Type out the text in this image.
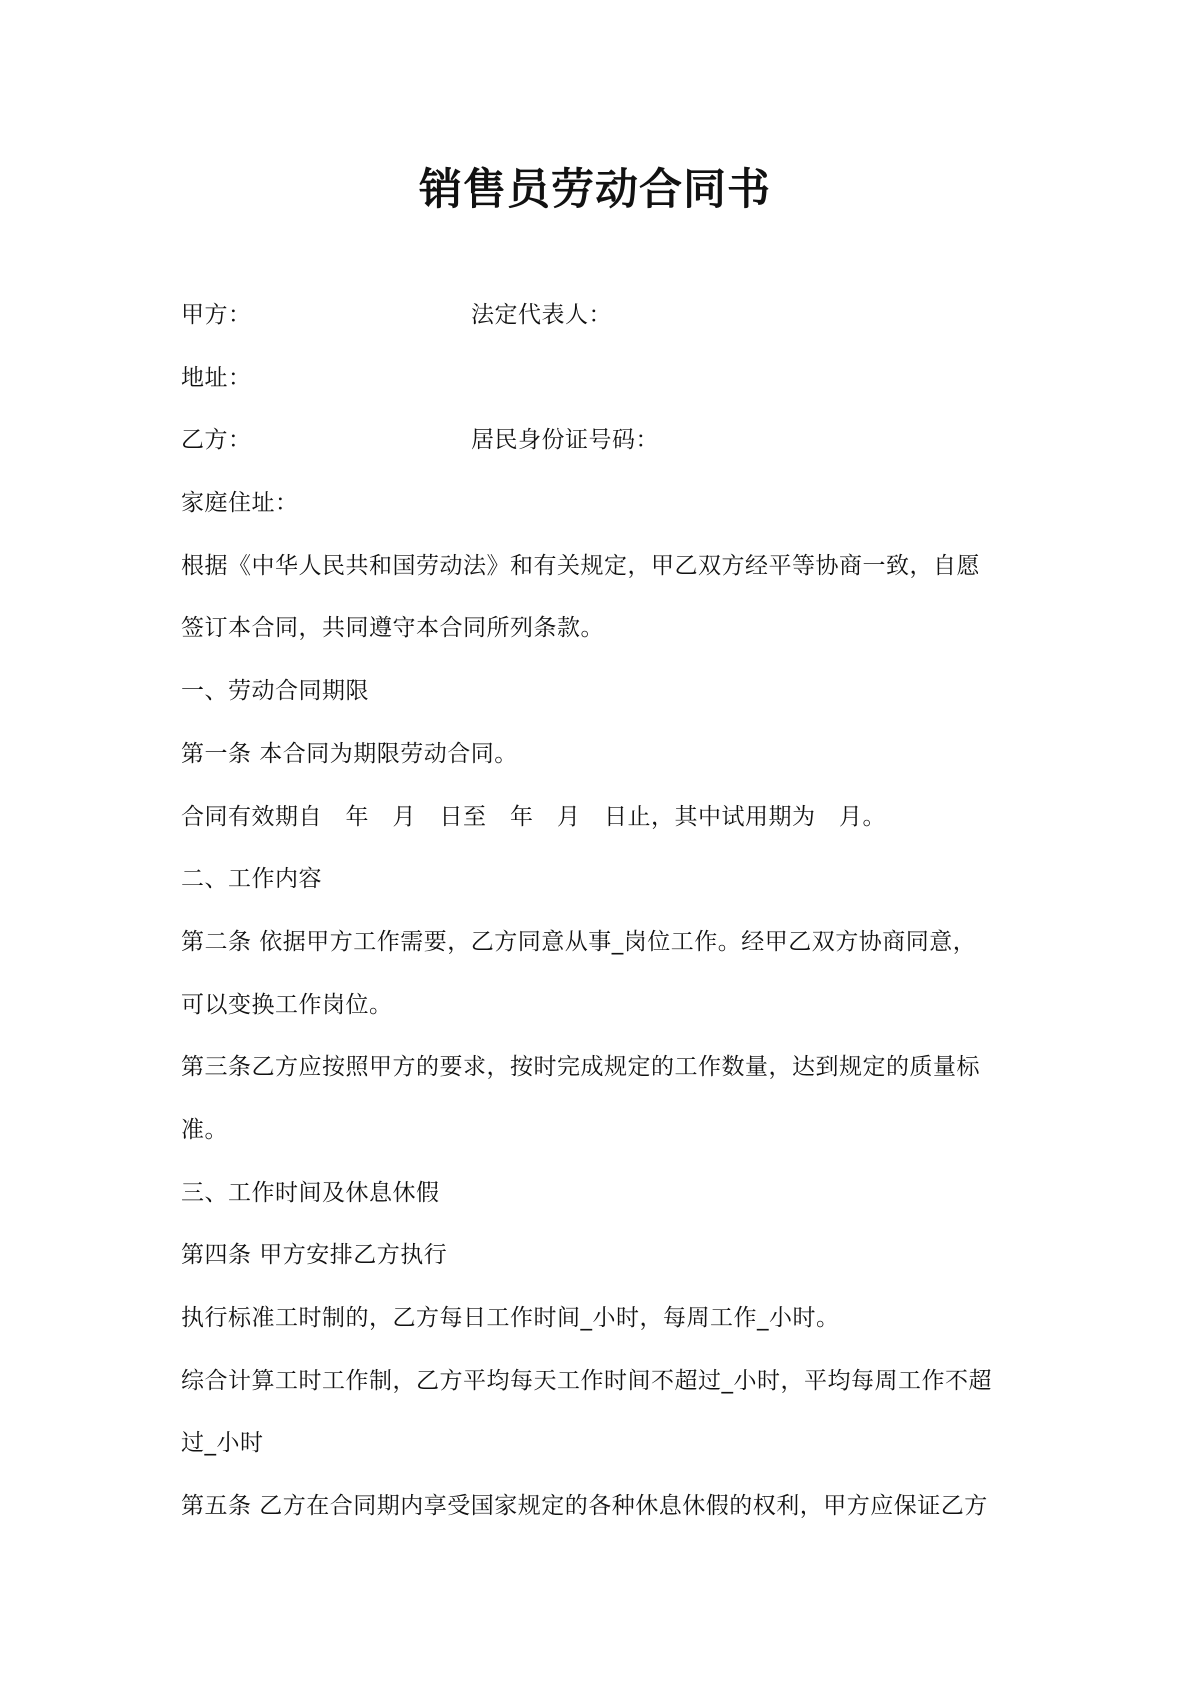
销售员劳动合同书
甲方：	法定代表人：
地址：
乙方：	居民身份证号码：
家庭住址：
根据《中华人民共和国劳动法》和有关规定，甲乙双方经平等协商一致，自愿
签订本合同，共同遵守本合同所列条款。
一、劳动合同期限
第一条 本合同为期限劳动合同。
合同有效期自　年　月　日至　年　月　日止，其中试用期为　月。
二、工作内容
第二条 依据甲方工作需要，乙方同意从事_岗位工作。经甲乙双方协商同意，
可以变换工作岗位。
第三条乙方应按照甲方的要求，按时完成规定的工作数量，达到规定的质量标
准。
三、工作时间及休息休假
第四条 甲方安排乙方执行
执行标准工时制的，乙方每日工作时间_小时，每周工作_小时。
综合计算工时工作制，乙方平均每天工作时间不超过_小时，平均每周工作不超
过_小时
第五条 乙方在合同期内享受国家规定的各种休息休假的权利，甲方应保证乙方
